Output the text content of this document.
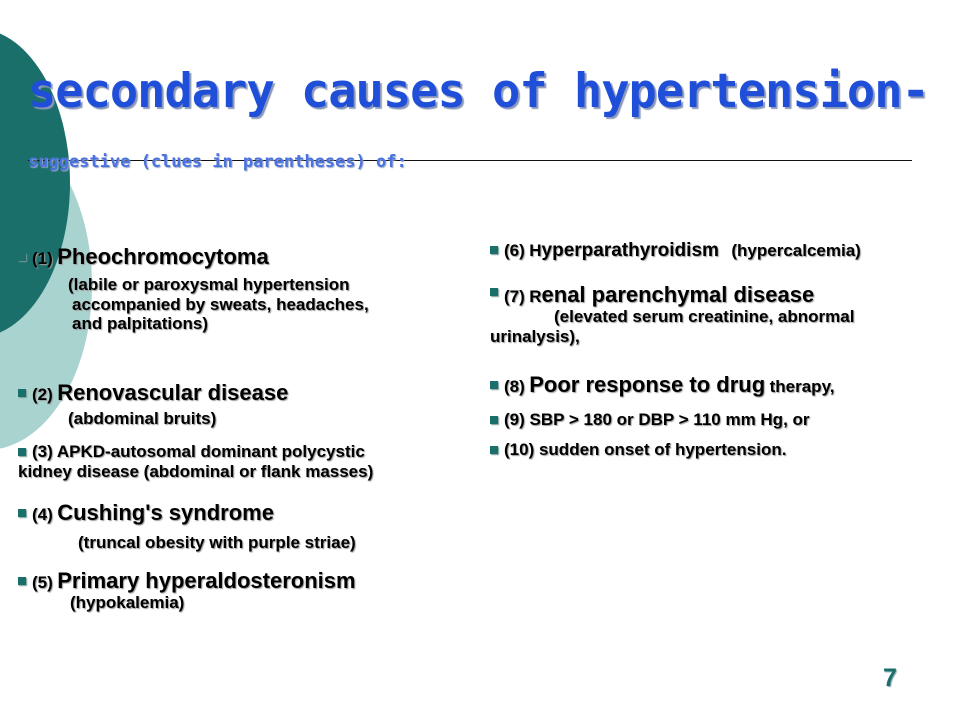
secondary causes of hypertension-
suggestive (clues in parentheses) of:
(1) Pheochromocytoma
(labile or paroxysmal hypertension
accompanied by sweats, headaches,
and palpitations)
(2) Renovascular disease
(abdominal bruits)
(3) APKD-autosomal dominant polycystic
kidney disease (abdominal or flank masses)
(4) Cushing's syndrome
(truncal obesity with purple striae)
(5) Primary hyperaldosteronism
(hypokalemia)
(6) Hyperparathyroidism (hypercalcemia)
(7) Renal parenchymal disease
(elevated serum creatinine, abnormal
urinalysis),
(8) Poor response to drug therapy,
(9) SBP > 180 or DBP > 110 mm Hg, or
(10) sudden onset of hypertension.
7
